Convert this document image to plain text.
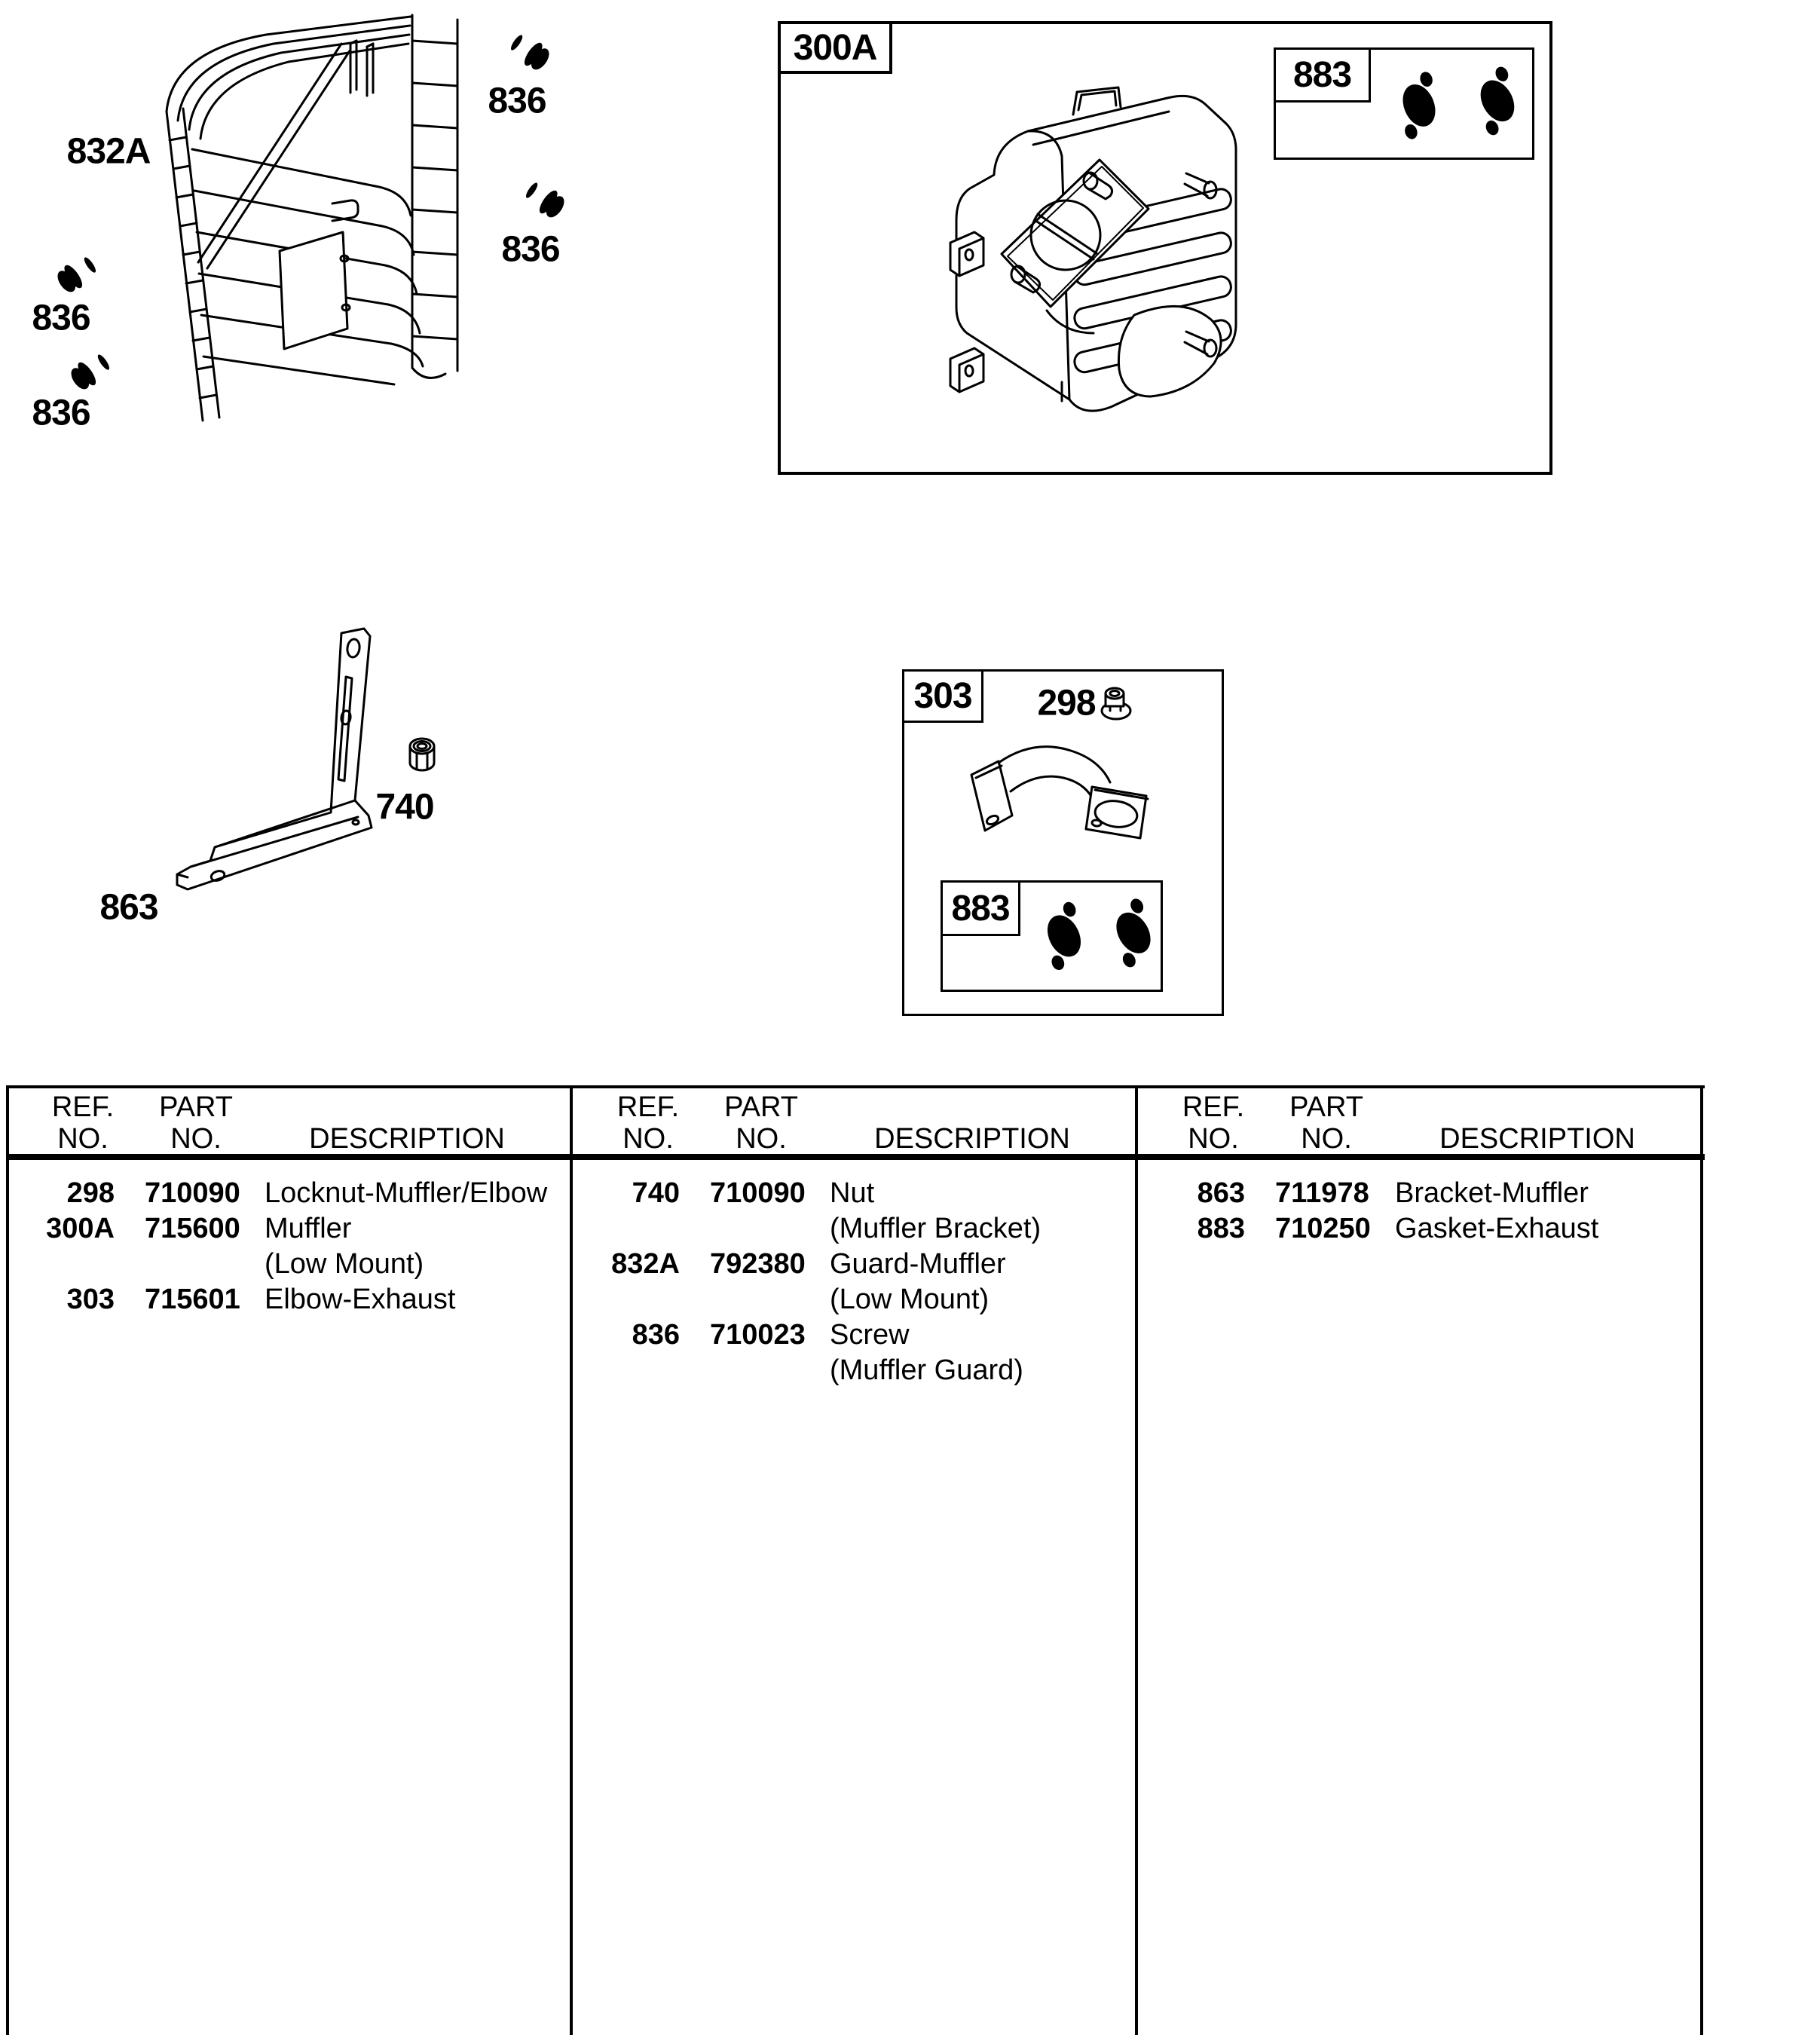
832A
836
836
836
836
300A
883
863
740
303	298
883
REF.
NO.
PART
NO.	DESCRIPTION
298 710090 Locknut-Muffler/Elbow
300A 715600 Muffler
(Low Mount)
303 715601 Elbow-Exhaust
REF.
NO.
PART
NO.	DESCRIPTION
740 710090 Nut
(Muffler Bracket)
832A 792380 Guard-Muffler
(Low Mount)
836 710023 Screw
(Muffler Guard)
REF.
NO.
PART
NO.	DESCRIPTION
863 711978 Bracket-Muffler
883 710250 Gasket-Exhaust
